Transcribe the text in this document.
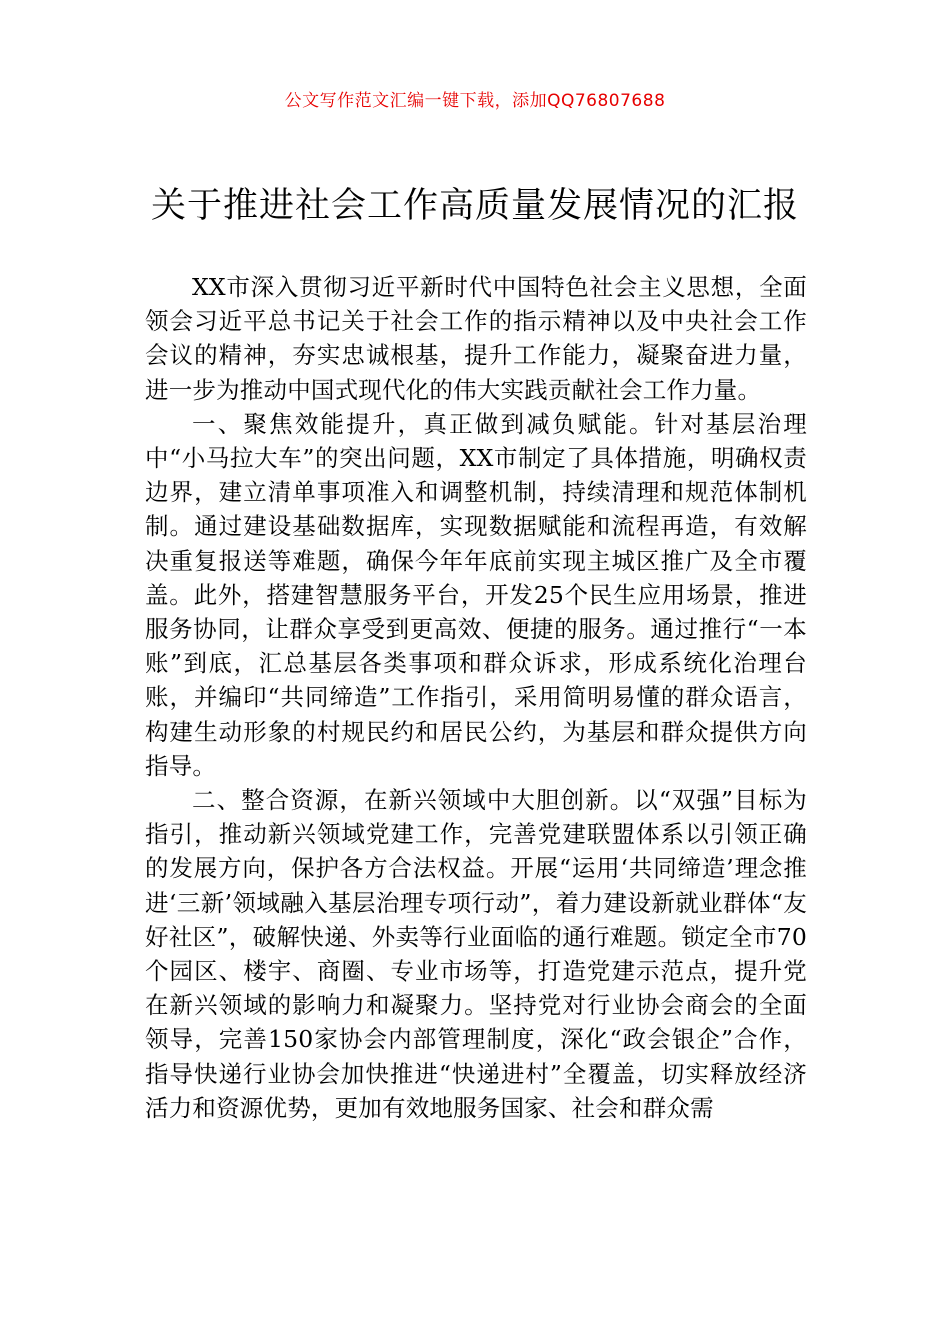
公文写作范文汇编一键下载，添加QQ76807688
关于推进社会工作高质量发展情况的汇报

XX市深入贯彻习近平新时代中国特色社会主义思想，全面领会习近平总书记关于社会工作的指示精神以及中央社会工作会议的精神，夯实忠诚根基，提升工作能力，凝聚奋进力量，进一步为推动中国式现代化的伟大实践贡献社会工作力量。

一、聚焦效能提升，真正做到减负赋能。针对基层治理中“小马拉大车”的突出问题，XX市制定了具体措施，明确权责边界，建立清单事项准入和调整机制，持续清理和规范体制机制。通过建设基础数据库，实现数据赋能和流程再造，有效解决重复报送等难题，确保今年年底前实现主城区推广及全市覆盖。此外，搭建智慧服务平台，开发25个民生应用场景，推进服务协同，让群众享受到更高效、便捷的服务。通过推行“一本账”到底，汇总基层各类事项和群众诉求，形成系统化治理台账，并编印“共同缔造”工作指引，采用简明易懂的群众语言，构建生动形象的村规民约和居民公约，为基层和群众提供方向指导。

二、整合资源，在新兴领域中大胆创新。以“双强”目标为指引，推动新兴领域党建工作，完善党建联盟体系以引领正确的发展方向，保护各方合法权益。开展“运用‘共同缔造’理念推进‘三新’领域融入基层治理专项行动”，着力建设新就业群体“友好社区”，破解快递、外卖等行业面临的通行难题。锁定全市70个园区、楼宇、商圈、专业市场等，打造党建示范点，提升党在新兴领域的影响力和凝聚力。坚持党对行业协会商会的全面领导，完善150家协会内部管理制度，深化“政会银企”合作，指导快递行业协会加快推进“快递进村”全覆盖，切实释放经济活力和资源优势，更加有效地服务国家、社会和群众需
